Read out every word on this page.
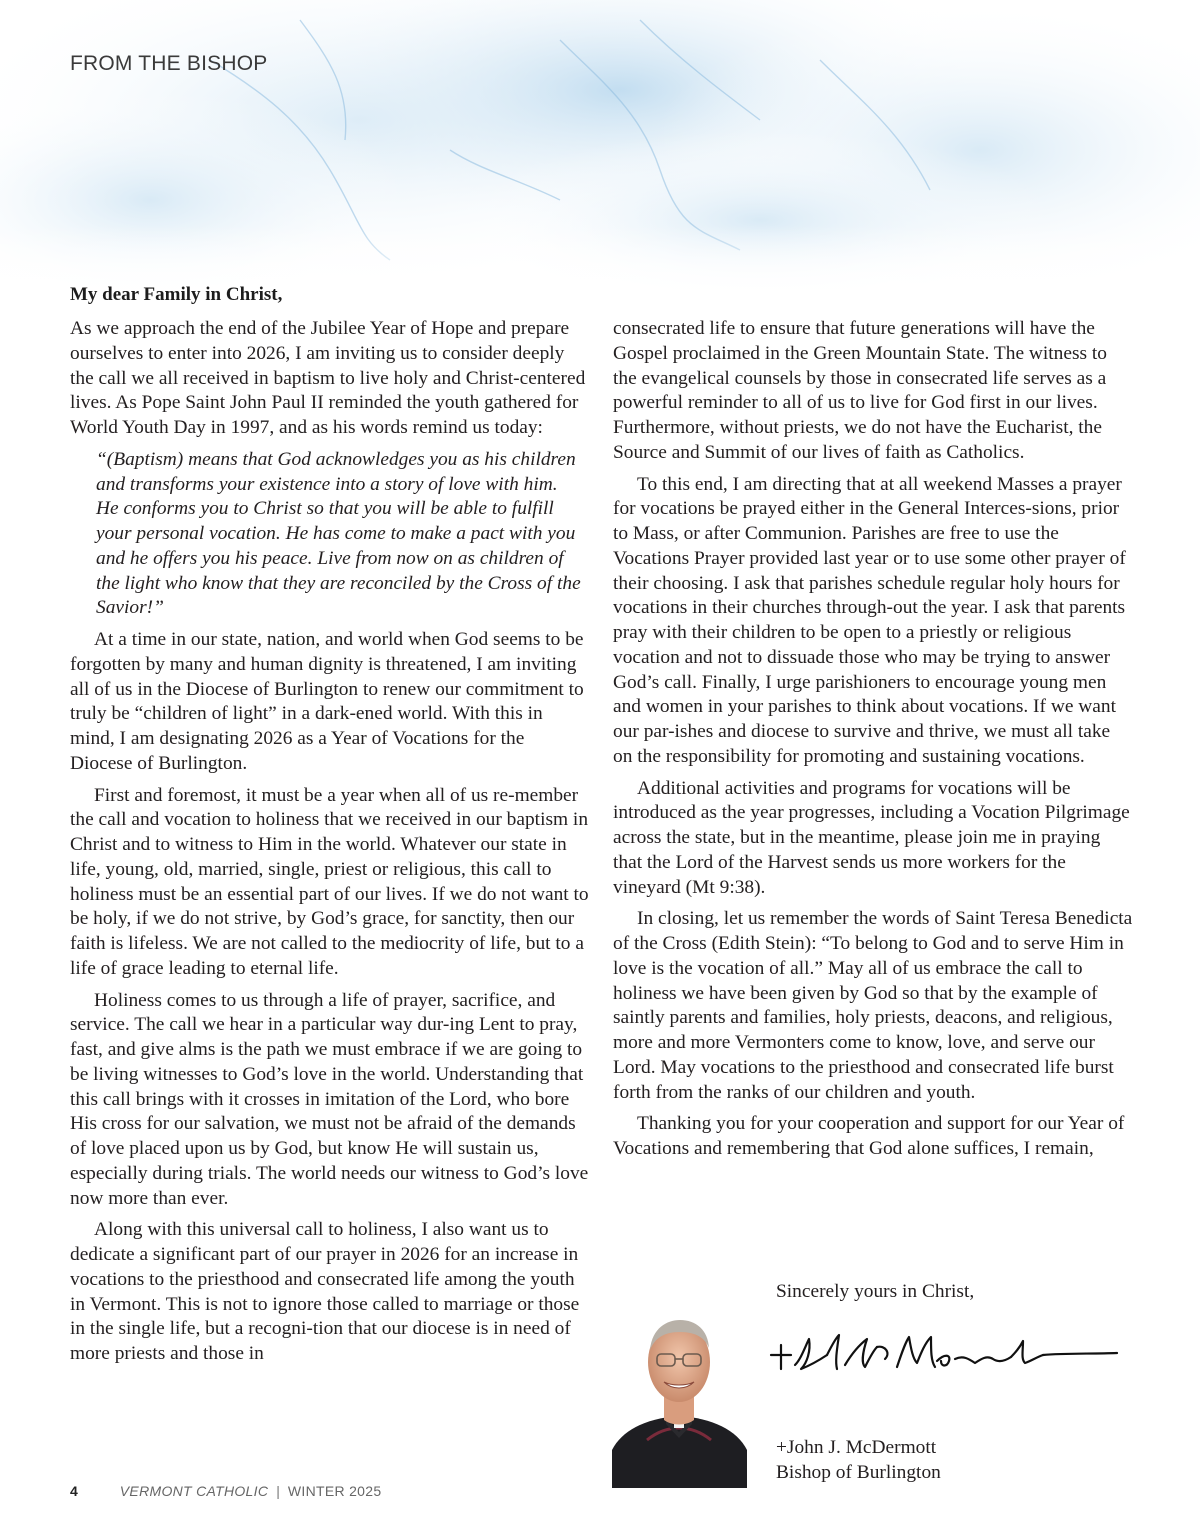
FROM THE BISHOP
My dear Family in Christ,

As we approach the end of the Jubilee Year of Hope and prepare ourselves to enter into 2026, I am inviting us to consider deeply the call we all received in baptism to live holy and Christ-centered lives. As Pope Saint John Paul II reminded the youth gathered for World Youth Day in 1997, and as his words remind us today:

“(Baptism) means that God acknowledges you as his children and transforms your existence into a story of love with him. He conforms you to Christ so that you will be able to fulfill your personal vocation. He has come to make a pact with you and he offers you his peace. Live from now on as children of the light who know that they are reconciled by the Cross of the Savior!”

At a time in our state, nation, and world when God seems to be forgotten by many and human dignity is threatened, I am inviting all of us in the Diocese of Burlington to renew our commitment to truly be “children of light” in a dark-ened world. With this in mind, I am designating 2026 as a Year of Vocations for the Diocese of Burlington.

First and foremost, it must be a year when all of us re-member the call and vocation to holiness that we received in our baptism in Christ and to witness to Him in the world. Whatever our state in life, young, old, married, single, priest or religious, this call to holiness must be an essential part of our lives. If we do not want to be holy, if we do not strive, by God’s grace, for sanctity, then our faith is lifeless. We are not called to the mediocrity of life, but to a life of grace leading to eternal life.

Holiness comes to us through a life of prayer, sacrifice, and service. The call we hear in a particular way dur-ing Lent to pray, fast, and give alms is the path we must embrace if we are going to be living witnesses to God’s love in the world. Understanding that this call brings with it crosses in imitation of the Lord, who bore His cross for our salvation, we must not be afraid of the demands of love placed upon us by God, but know He will sustain us, especially during trials. The world needs our witness to God’s love now more than ever.

Along with this universal call to holiness, I also want us to dedicate a significant part of our prayer in 2026 for an increase in vocations to the priesthood and consecrated life among the youth in Vermont. This is not to ignore those called to marriage or those in the single life, but a recogni-tion that our diocese is in need of more priests and those in

consecrated life to ensure that future generations will have the Gospel proclaimed in the Green Mountain State. The witness to the evangelical counsels by those in consecrated life serves as a powerful reminder to all of us to live for God first in our lives. Furthermore, without priests, we do not have the Eucharist, the Source and Summit of our lives of faith as Catholics.

To this end, I am directing that at all weekend Masses a prayer for vocations be prayed either in the General Interces-sions, prior to Mass, or after Communion. Parishes are free to use the Vocations Prayer provided last year or to use some other prayer of their choosing. I ask that parishes schedule regular holy hours for vocations in their churches through-out the year. I ask that parents pray with their children to be open to a priestly or religious vocation and not to dissuade those who may be trying to answer God’s call. Finally, I urge parishioners to encourage young men and women in your parishes to think about vocations. If we want our par-ishes and diocese to survive and thrive, we must all take on the responsibility for promoting and sustaining vocations.

Additional activities and programs for vocations will be introduced as the year progresses, including a Vocation Pilgrimage across the state, but in the meantime, please join me in praying that the Lord of the Harvest sends us more workers for the vineyard (Mt 9:38).

In closing, let us remember the words of Saint Teresa Benedicta of the Cross (Edith Stein): “To belong to God and to serve Him in love is the vocation of all.” May all of us embrace the call to holiness we have been given by God so that by the example of saintly parents and families, holy priests, deacons, and religious, more and more Vermonters come to know, love, and serve our Lord. May vocations to the priesthood and consecrated life burst forth from the ranks of our children and youth.

Thanking you for your cooperation and support for our Year of Vocations and remembering that God alone suffices, I remain,

Sincerely yours in Christ,
+John J. McDermott
Bishop of Burlington
4	VERMONT CATHOLIC | WINTER 2025
